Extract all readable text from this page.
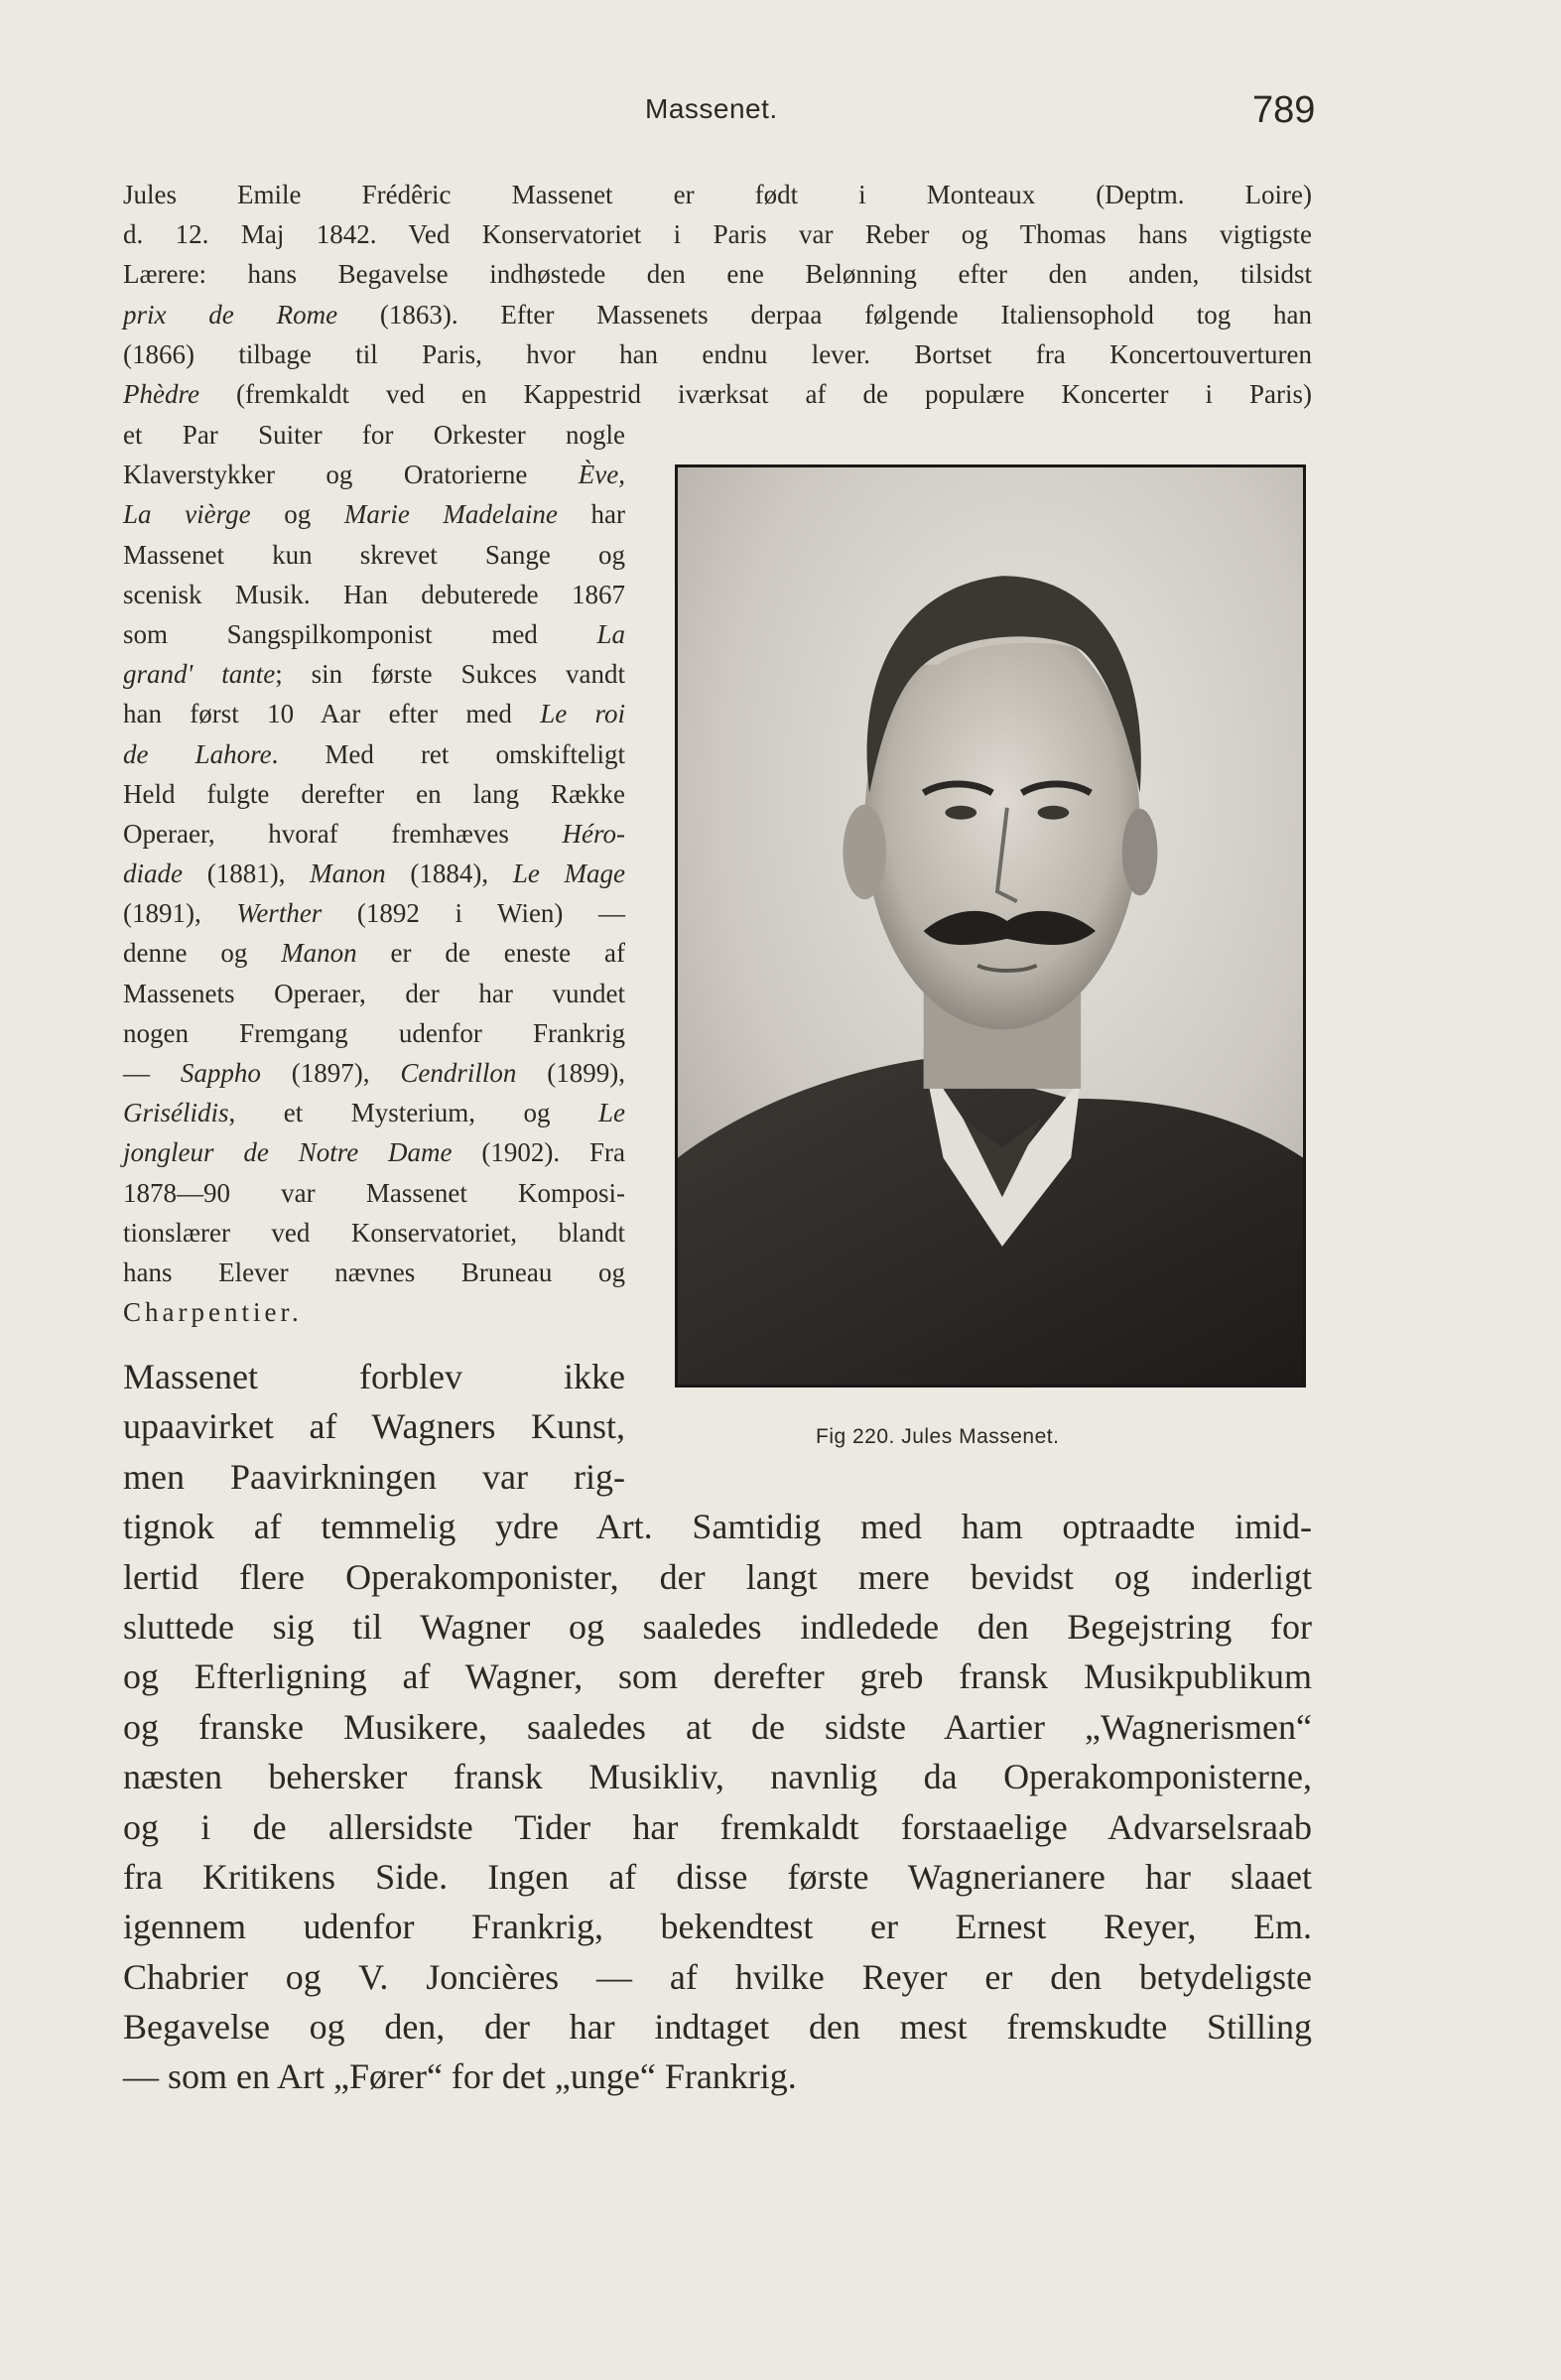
Massenet.	789
Jules Emile Frédêric Massenet er født i Monteaux (Deptm. Loire)
d. 12. Maj 1842. Ved Konservatoriet i Paris var Reber og Thomas hans vigtigste
Lærere: hans Begavelse indhøstede den ene Belønning efter den anden, tilsidst
prix de Rome (1863). Efter Massenets derpaa følgende Italiensophold tog han
(1866) tilbage til Paris, hvor han endnu lever. Bortset fra Koncertouverturen
Phèdre (fremkaldt ved en Kappestrid iværksat af de populære Koncerter i Paris)
et Par Suiter for Orkester nogle
Klaverstykker og Oratorierne Ève,
La vièrge og Marie Madelaine har
Massenet kun skrevet Sange og
scenisk Musik. Han debuterede 1867
som Sangspilkomponist med La
grand' tante; sin første Sukces vandt
han først 10 Aar efter med Le roi
de Lahore. Med ret omskifteligt
Held fulgte derefter en lang Række
Operaer, hvoraf fremhæves Héro-
diade (1881), Manon (1884), Le Mage
(1891), Werther (1892 i Wien) —
denne og Manon er de eneste af
Massenets Operaer, der har vundet
nogen Fremgang udenfor Frankrig
— Sappho (1897), Cendrillon (1899),
Grisélidis, et Mysterium, og Le
jongleur de Notre Dame (1902). Fra
1878—90 var Massenet Komposi-
tionslærer ved Konservatoriet, blandt
hans Elever nævnes Bruneau og
Charpentier.
Fig 220. Jules Massenet.
Massenet forblev ikke
upaavirket af Wagners Kunst,
men Paavirkningen var rig-
tignok af temmelig ydre Art. Samtidig med ham optraadte imid-
lertid flere Operakomponister, der langt mere bevidst og inderligt
sluttede sig til Wagner og saaledes indledede den Begejstring for
og Efterligning af Wagner, som derefter greb fransk Musikpublikum
og franske Musikere, saaledes at de sidste Aartier „Wagnerismen“
næsten behersker fransk Musikliv, navnlig da Operakomponisterne,
og i de allersidste Tider har fremkaldt forstaaelige Advarselsraab
fra Kritikens Side. Ingen af disse første Wagnerianere har slaaet
igennem udenfor Frankrig, bekendtest er Ernest Reyer, Em.
Chabrier og V. Joncières — af hvilke Reyer er den betydeligste
Begavelse og den, der har indtaget den mest fremskudte Stilling
— som en Art „Fører“ for det „unge“ Frankrig.
